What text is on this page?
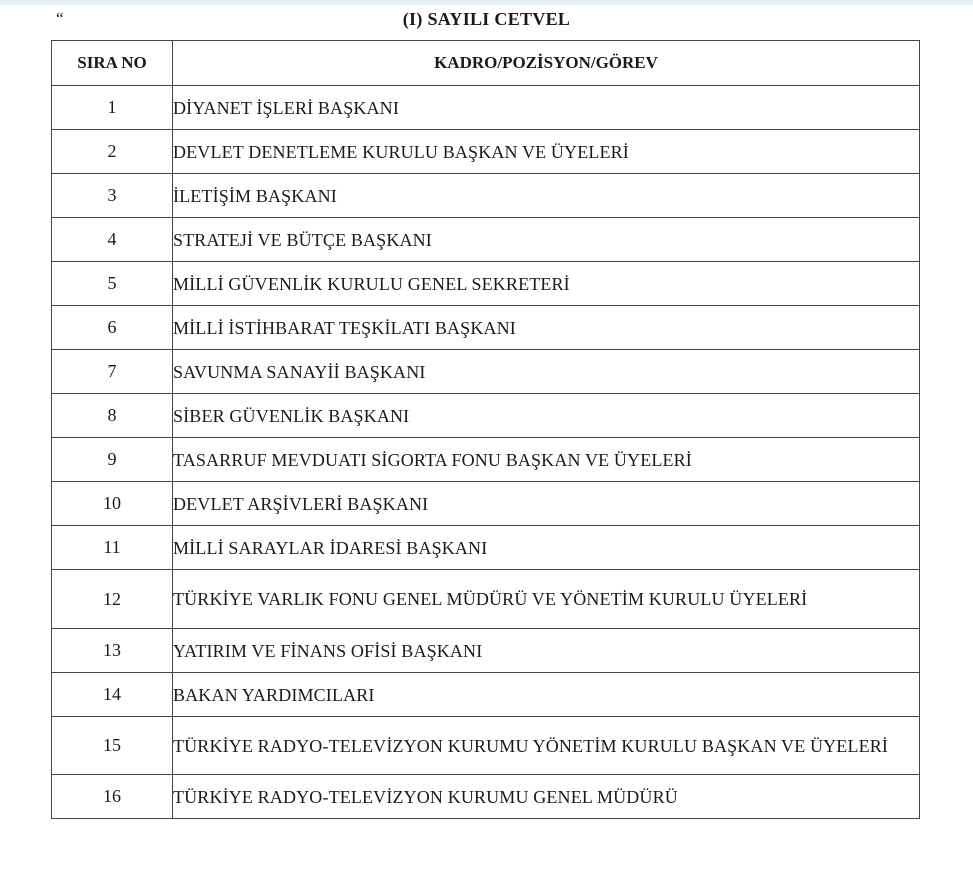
“	(I) SAYILI CETVEL
SIRA NO	KADRO/POZİSYON/GÖREV
1	DİYANET İŞLERİ BAŞKANI
2	DEVLET DENETLEME KURULU BAŞKAN VE ÜYELERİ
3	İLETİŞİM BAŞKANI
4	STRATEJİ VE BÜTÇE BAŞKANI
5	MİLLİ GÜVENLİK KURULU GENEL SEKRETERİ
6	MİLLİ İSTİHBARAT TEŞKİLATI BAŞKANI
7	SAVUNMA SANAYİİ BAŞKANI
8	SİBER GÜVENLİK BAŞKANI
9	TASARRUF MEVDUATI SİGORTA FONU BAŞKAN VE ÜYELERİ
10	DEVLET ARŞİVLERİ BAŞKANI
11	MİLLİ SARAYLAR İDARESİ BAŞKANI
12	TÜRKİYE VARLIK FONU GENEL MÜDÜRÜ VE YÖNETİM KURULU ÜYELERİ
13	YATIRIM VE FİNANS OFİSİ BAŞKANI
14	BAKAN YARDIMCILARI
15	TÜRKİYE RADYO-TELEVİZYON KURUMU YÖNETİM KURULU BAŞKAN VE ÜYELERİ
16	TÜRKİYE RADYO-TELEVİZYON KURUMU GENEL MÜDÜRÜ
